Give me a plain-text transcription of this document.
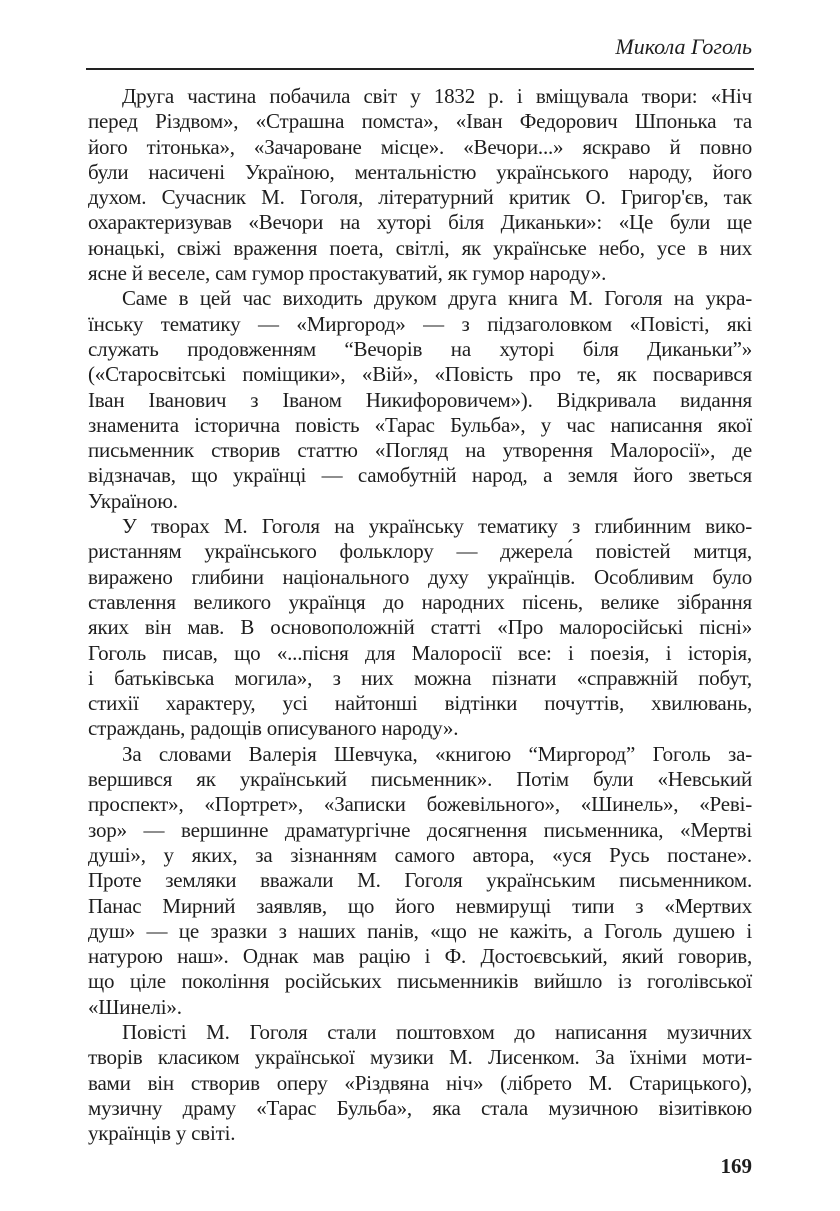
Микола Гоголь
Друга частина побачила світ у 1832 р. і вміщувала твори: «Ніч
перед Різдвом», «Страшна помста», «Іван Федорович Шпонька та
його тітонька», «Зачароване місце». «Вечори...» яскраво й повно
були насичені Україною, ментальністю українського народу, його
духом. Сучасник М. Гоголя, літературний критик О. Григор'єв, так
охарактеризував «Вечори на хуторі біля Диканьки»: «Це були ще
юнацькі, свіжі враження поета, світлі, як українське небо, усе в них
ясне й веселе, сам гумор простакуватий, як гумор народу».
Саме в цей час виходить друком друга книга М. Гоголя на укра-
їнську тематику — «Миргород» — з підзаголовком «Повісті, які
служать продовженням “Вечорів на хуторі біля Диканьки”»
(«Старосвітські поміщики», «Вій», «Повість про те, як посварився
Іван Іванович з Іваном Никифоровичем»). Відкривала видання
знаменита історична повість «Тарас Бульба», у час написання якої
письменник створив статтю «Погляд на утворення Малоросії», де
відзначав, що українці — самобутній народ, а земля його зветься
Україною.
У творах М. Гоголя на українську тематику з глибинним вико-
ристанням українського фольклору — джерела́ повістей митця,
виражено глибини національного духу українців. Особливим було
ставлення великого українця до народних пісень, велике зібрання
яких він мав. В основоположній статті «Про малоросійські пісні»
Гоголь писав, що «...пісня для Малоросії все: і поезія, і історія,
і батьківська могила», з них можна пізнати «справжній побут,
стихії характеру, усі найтонші відтінки почуттів, хвилювань,
страждань, радощів описуваного народу».
За словами Валерія Шевчука, «книгою “Миргород” Гоголь за-
вершився як український письменник». Потім були «Невський
проспект», «Портрет», «Записки божевільного», «Шинель», «Реві-
зор» — вершинне драматургічне досягнення письменника, «Мертві
душі», у яких, за зізнанням самого автора, «уся Русь постане».
Проте земляки вважали М. Гоголя українським письменником.
Панас Мирний заявляв, що його невмирущі типи з «Мертвих
душ» — це зразки з наших панів, «що не кажіть, а Гоголь душею і
натурою наш». Однак мав рацію і Ф. Достоєвський, який говорив,
що ціле покоління російських письменників вийшло із гоголівської
«Шинелі».
Повісті М. Гоголя стали поштовхом до написання музичних
творів класиком української музики М. Лисенком. За їхніми моти-
вами він створив оперу «Різдвяна ніч» (лібрето М. Старицького),
музичну драму «Тарас Бульба», яка стала музичною візитівкою
українців у світі.
169
